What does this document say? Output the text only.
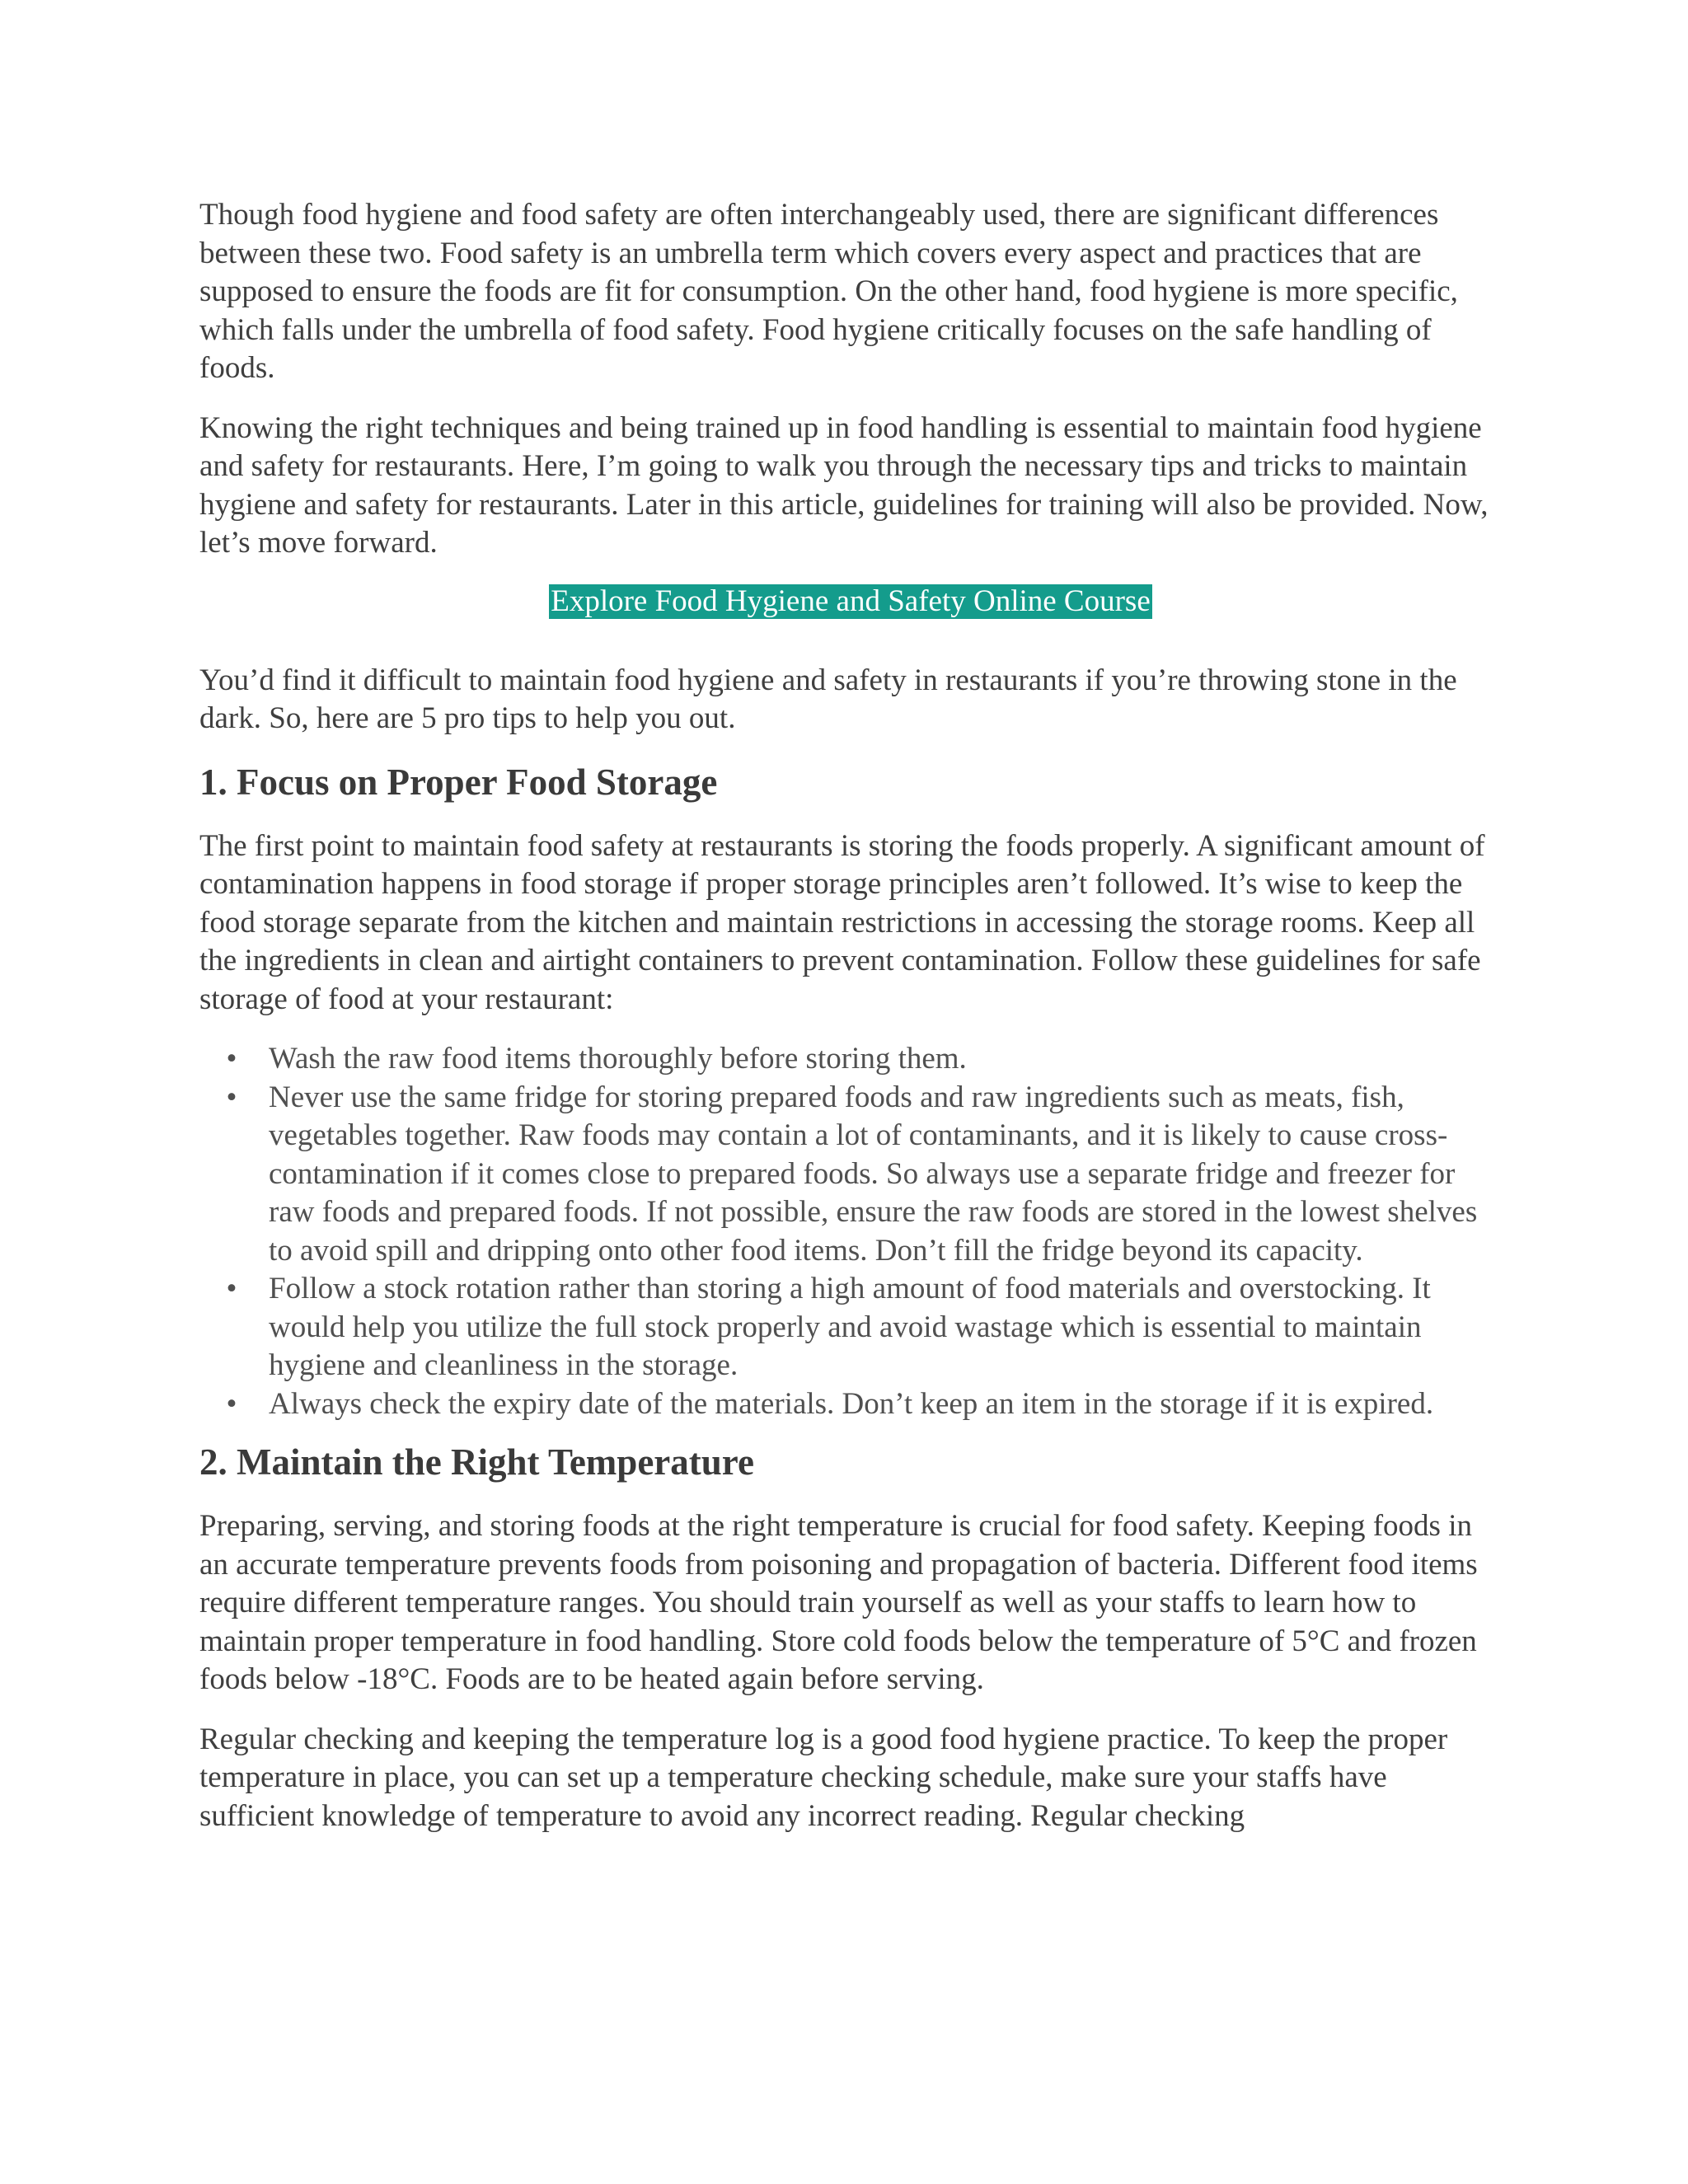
Though food hygiene and food safety are often interchangeably used, there are significant differences between these two. Food safety is an umbrella term which covers every aspect and practices that are supposed to ensure the foods are fit for consumption. On the other hand, food hygiene is more specific, which falls under the umbrella of food safety. Food hygiene critically focuses on the safe handling of foods.

Knowing the right techniques and being trained up in food handling is essential to maintain food hygiene and safety for restaurants. Here, I’m going to walk you through the necessary tips and tricks to maintain hygiene and safety for restaurants. Later in this article, guidelines for training will also be provided. Now, let’s move forward.

Explore Food Hygiene and Safety Online Course

You’d find it difficult to maintain food hygiene and safety in restaurants if you’re throwing stone in the dark. So, here are 5 pro tips to help you out.

1. Focus on Proper Food Storage

The first point to maintain food safety at restaurants is storing the foods properly. A significant amount of contamination happens in food storage if proper storage principles aren’t followed. It’s wise to keep the food storage separate from the kitchen and maintain restrictions in accessing the storage rooms. Keep all the ingredients in clean and airtight containers to prevent contamination. Follow these guidelines for safe storage of food at your restaurant:

• Wash the raw food items thoroughly before storing them.
• Never use the same fridge for storing prepared foods and raw ingredients such as meats, fish, vegetables together. Raw foods may contain a lot of contaminants, and it is likely to cause cross-contamination if it comes close to prepared foods. So always use a separate fridge and freezer for raw foods and prepared foods. If not possible, ensure the raw foods are stored in the lowest shelves to avoid spill and dripping onto other food items. Don’t fill the fridge beyond its capacity.
• Follow a stock rotation rather than storing a high amount of food materials and overstocking. It would help you utilize the full stock properly and avoid wastage which is essential to maintain hygiene and cleanliness in the storage.
• Always check the expiry date of the materials. Don’t keep an item in the storage if it is expired.
2. Maintain the Right Temperature

Preparing, serving, and storing foods at the right temperature is crucial for food safety. Keeping foods in an accurate temperature prevents foods from poisoning and propagation of bacteria. Different food items require different temperature ranges. You should train yourself as well as your staffs to learn how to maintain proper temperature in food handling. Store cold foods below the temperature of 5°C and frozen foods below -18°C. Foods are to be heated again before serving.

Regular checking and keeping the temperature log is a good food hygiene practice. To keep the proper temperature in place, you can set up a temperature checking schedule, make sure your staffs have sufficient knowledge of temperature to avoid any incorrect reading. Regular checking
